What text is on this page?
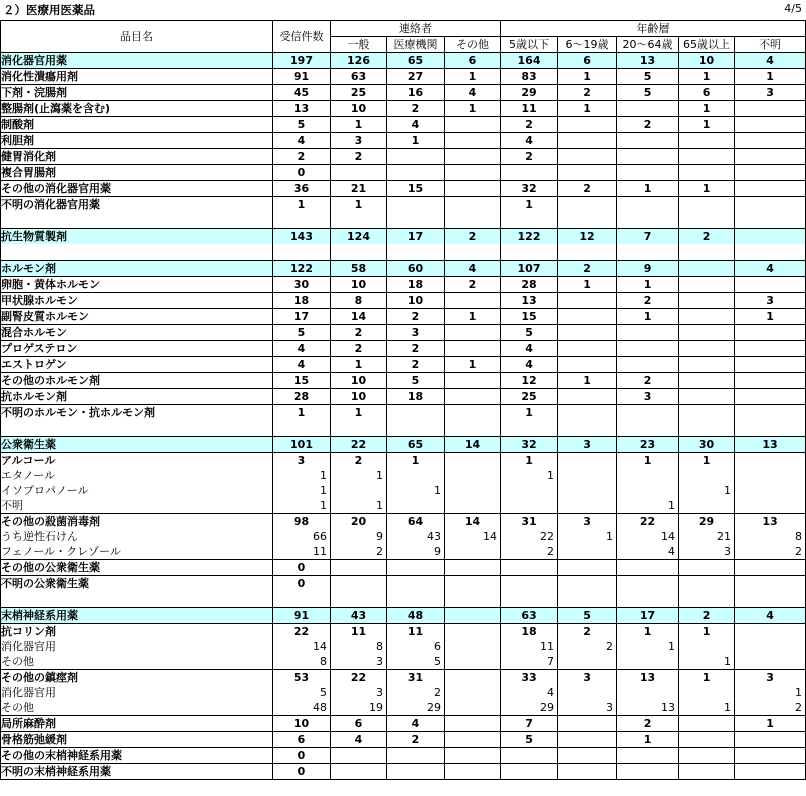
２）医療用医薬品	4/5
品目名	受信件数	連絡者			年齢層				
		一般	医療機関	その他	5歳以下	6～19歳	20～64歳	65歳以上	不明
消化器官用薬	197	126	65	6	164	6	13	10	4
消化性潰瘍用剤	91	63	27	1	83	1	5	1	1
下剤・浣腸剤	45	25	16	4	29	2	5	6	3
整腸剤(止瀉薬を含む)	13	10	2	1	11	1		1	
制酸剤	5	1	4		2		2	1	
利胆剤	4	3	1		4				
健胃消化剤	2	2			2				
複合胃腸剤	0								
その他の消化器官用薬	36	21	15		32	2	1	1	
不明の消化器官用薬	1	1			1				

抗生物質製剤	143	124	17	2	122	12	7	2	

ホルモン剤	122	58	60	4	107	2	9		4
卵胞・黄体ホルモン	30	10	18	2	28	1	1		
甲状腺ホルモン	18	8	10		13		2		3
副腎皮質ホルモン	17	14	2	1	15		1		1
混合ホルモン	5	2	3		5				
プロゲステロン	4	2	2		4				
エストロゲン	4	1	2	1	4				
その他のホルモン剤	15	10	5		12	1	2		
抗ホルモン剤	28	10	18		25		3		
不明のホルモン・抗ホルモン剤	1	1			1				

公衆衛生薬	101	22	65	14	32	3	23	30	13
アルコール	3	2	1		1		1	1	
エタノール	1	1			1				
イソプロパノール	1		1					1	
不明	1	1					1		
その他の殺菌消毒剤	98	20	64	14	31	3	22	29	13
うち逆性石けん	66	9	43	14	22	1	14	21	8
フェノール・クレゾール	11	2	9		2		4	3	2
その他の公衆衛生薬	0								
不明の公衆衛生薬	0								

末梢神経系用薬	91	43	48		63	5	17	2	4
抗コリン剤	22	11	11		18	2	1	1	
消化器官用	14	8	6		11	2	1		
その他	8	3	5		7			1	
その他の鎮痙剤	53	22	31		33	3	13	1	3
消化器官用	5	3	2		4				1
その他	48	19	29		29	3	13	1	2
局所麻酔剤	10	6	4		7		2		1
骨格筋弛緩剤	6	4	2		5		1		
その他の末梢神経系用薬	0								
不明の末梢神経系用薬	0								
